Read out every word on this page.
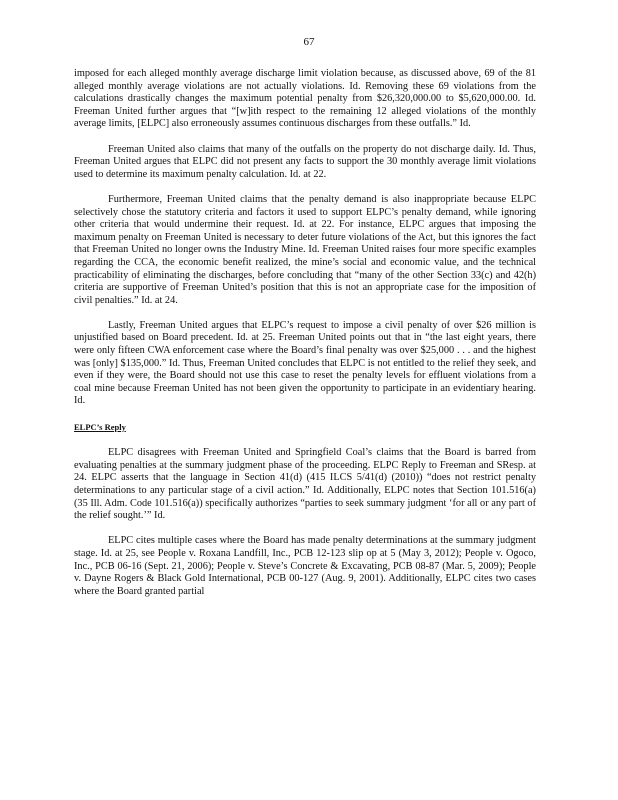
67

imposed for each alleged monthly average discharge limit violation because, as discussed above, 69 of the 81 alleged monthly average violations are not actually violations. Id. Removing these 69 violations from the calculations drastically changes the maximum potential penalty from $26,320,000.00 to $5,620,000.00. Id. Freeman United further argues that “[w]ith respect to the remaining 12 alleged violations of the monthly average limits, [ELPC] also erroneously assumes continuous discharges from these outfalls.” Id.

Freeman United also claims that many of the outfalls on the property do not discharge daily. Id. Thus, Freeman United argues that ELPC did not present any facts to support the 30 monthly average limit violations used to determine its maximum penalty calculation. Id. at 22.

Furthermore, Freeman United claims that the penalty demand is also inappropriate because ELPC selectively chose the statutory criteria and factors it used to support ELPC’s penalty demand, while ignoring other criteria that would undermine their request. Id. at 22. For instance, ELPC argues that imposing the maximum penalty on Freeman United is necessary to deter future violations of the Act, but this ignores the fact that Freeman United no longer owns the Industry Mine. Id. Freeman United raises four more specific examples regarding the CCA, the economic benefit realized, the mine’s social and economic value, and the technical practicability of eliminating the discharges, before concluding that “many of the other Section 33(c) and 42(h) criteria are supportive of Freeman United’s position that this is not an appropriate case for the imposition of civil penalties.” Id. at 24.

Lastly, Freeman United argues that ELPC’s request to impose a civil penalty of over $26 million is unjustified based on Board precedent. Id. at 25. Freeman United points out that in “the last eight years, there were only fifteen CWA enforcement case where the Board’s final penalty was over $25,000 . . . and the highest was [only] $135,000.” Id. Thus, Freeman United concludes that ELPC is not entitled to the relief they seek, and even if they were, the Board should not use this case to reset the penalty levels for effluent violations from a coal mine because Freeman United has not been given the opportunity to participate in an evidentiary hearing. Id.

ELPC’s Reply

ELPC disagrees with Freeman United and Springfield Coal’s claims that the Board is barred from evaluating penalties at the summary judgment phase of the proceeding. ELPC Reply to Freeman and SResp. at 24. ELPC asserts that the language in Section 41(d) (415 ILCS 5/41(d) (2010)) “does not restrict penalty determinations to any particular stage of a civil action.” Id. Additionally, ELPC notes that Section 101.516(a) (35 Ill. Adm. Code 101.516(a)) specifically authorizes “parties to seek summary judgment ‘for all or any part of the relief sought.’” Id.

ELPC cites multiple cases where the Board has made penalty determinations at the summary judgment stage. Id. at 25, see People v. Roxana Landfill, Inc., PCB 12-123 slip op at 5 (May 3, 2012); People v. Ogoco, Inc., PCB 06-16 (Sept. 21, 2006); People v. Steve’s Concrete & Excavating, PCB 08-87 (Mar. 5, 2009); People v. Dayne Rogers & Black Gold International, PCB 00-127 (Aug. 9, 2001). Additionally, ELPC cites two cases where the Board granted partial
